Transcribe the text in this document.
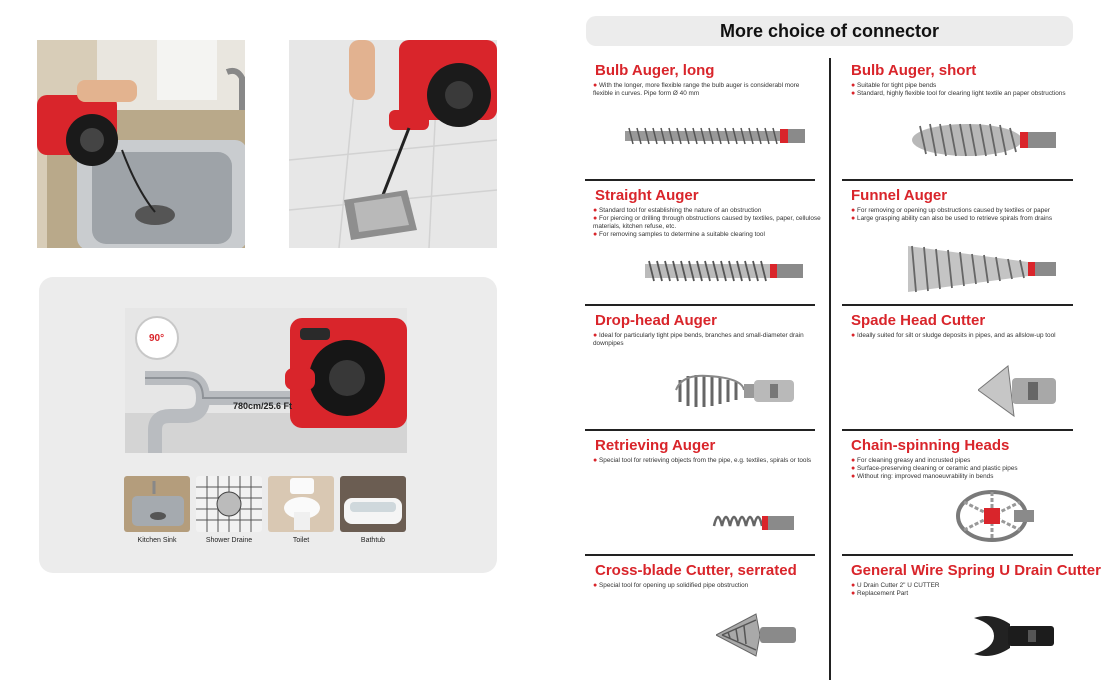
90°
780cm/25.6 Ft
Kitchen Sink	Shower Draine	Toilet	Bathtub
More choice of connector
Bulb Auger, long
● With the longer, more flexible range the bulb auger is considerabl more flexible in curves. Pipe form Ø 40 mm
Bulb Auger, short
● Suitable for tight pipe bends
● Standard, highly flexible tool for clearing light textile an paper obstructions
Straight Auger
● Standard tool for establishing the nature of an obstruction
● For piercing or drilling through obstructions caused by textiles, paper, cellulose materials, kitchen refuse, etc.
● For removing samples to determine a suitable clearing tool
Funnel Auger
● For removing or opening up obstructions caused by textiles or paper
● Large grasping ability can also be used to retrieve spirals from drains
Drop-head Auger
● Ideal for particularly tight pipe bends, branches and small-diameter drain downpipes
Spade Head Cutter
● Ideally suited for silt or sludge deposits in pipes, and as allslow-up tool
Retrieving Auger
● Special tool for retrieving objects from the pipe, e.g. textiles, spirals or tools
Chain-spinning Heads
● For cleaning greasy and incrusted pipes
● Surface-preserving cleaning or ceramic and plastic pipes
● Without ring: improved manoeuvrability in bends
Cross-blade Cutter, serrated
● Special tool for opening up solidified pipe obstruction
General Wire Spring U Drain Cutter
● U Drain Cutter 2" U CUTTER
● Replacement Part
